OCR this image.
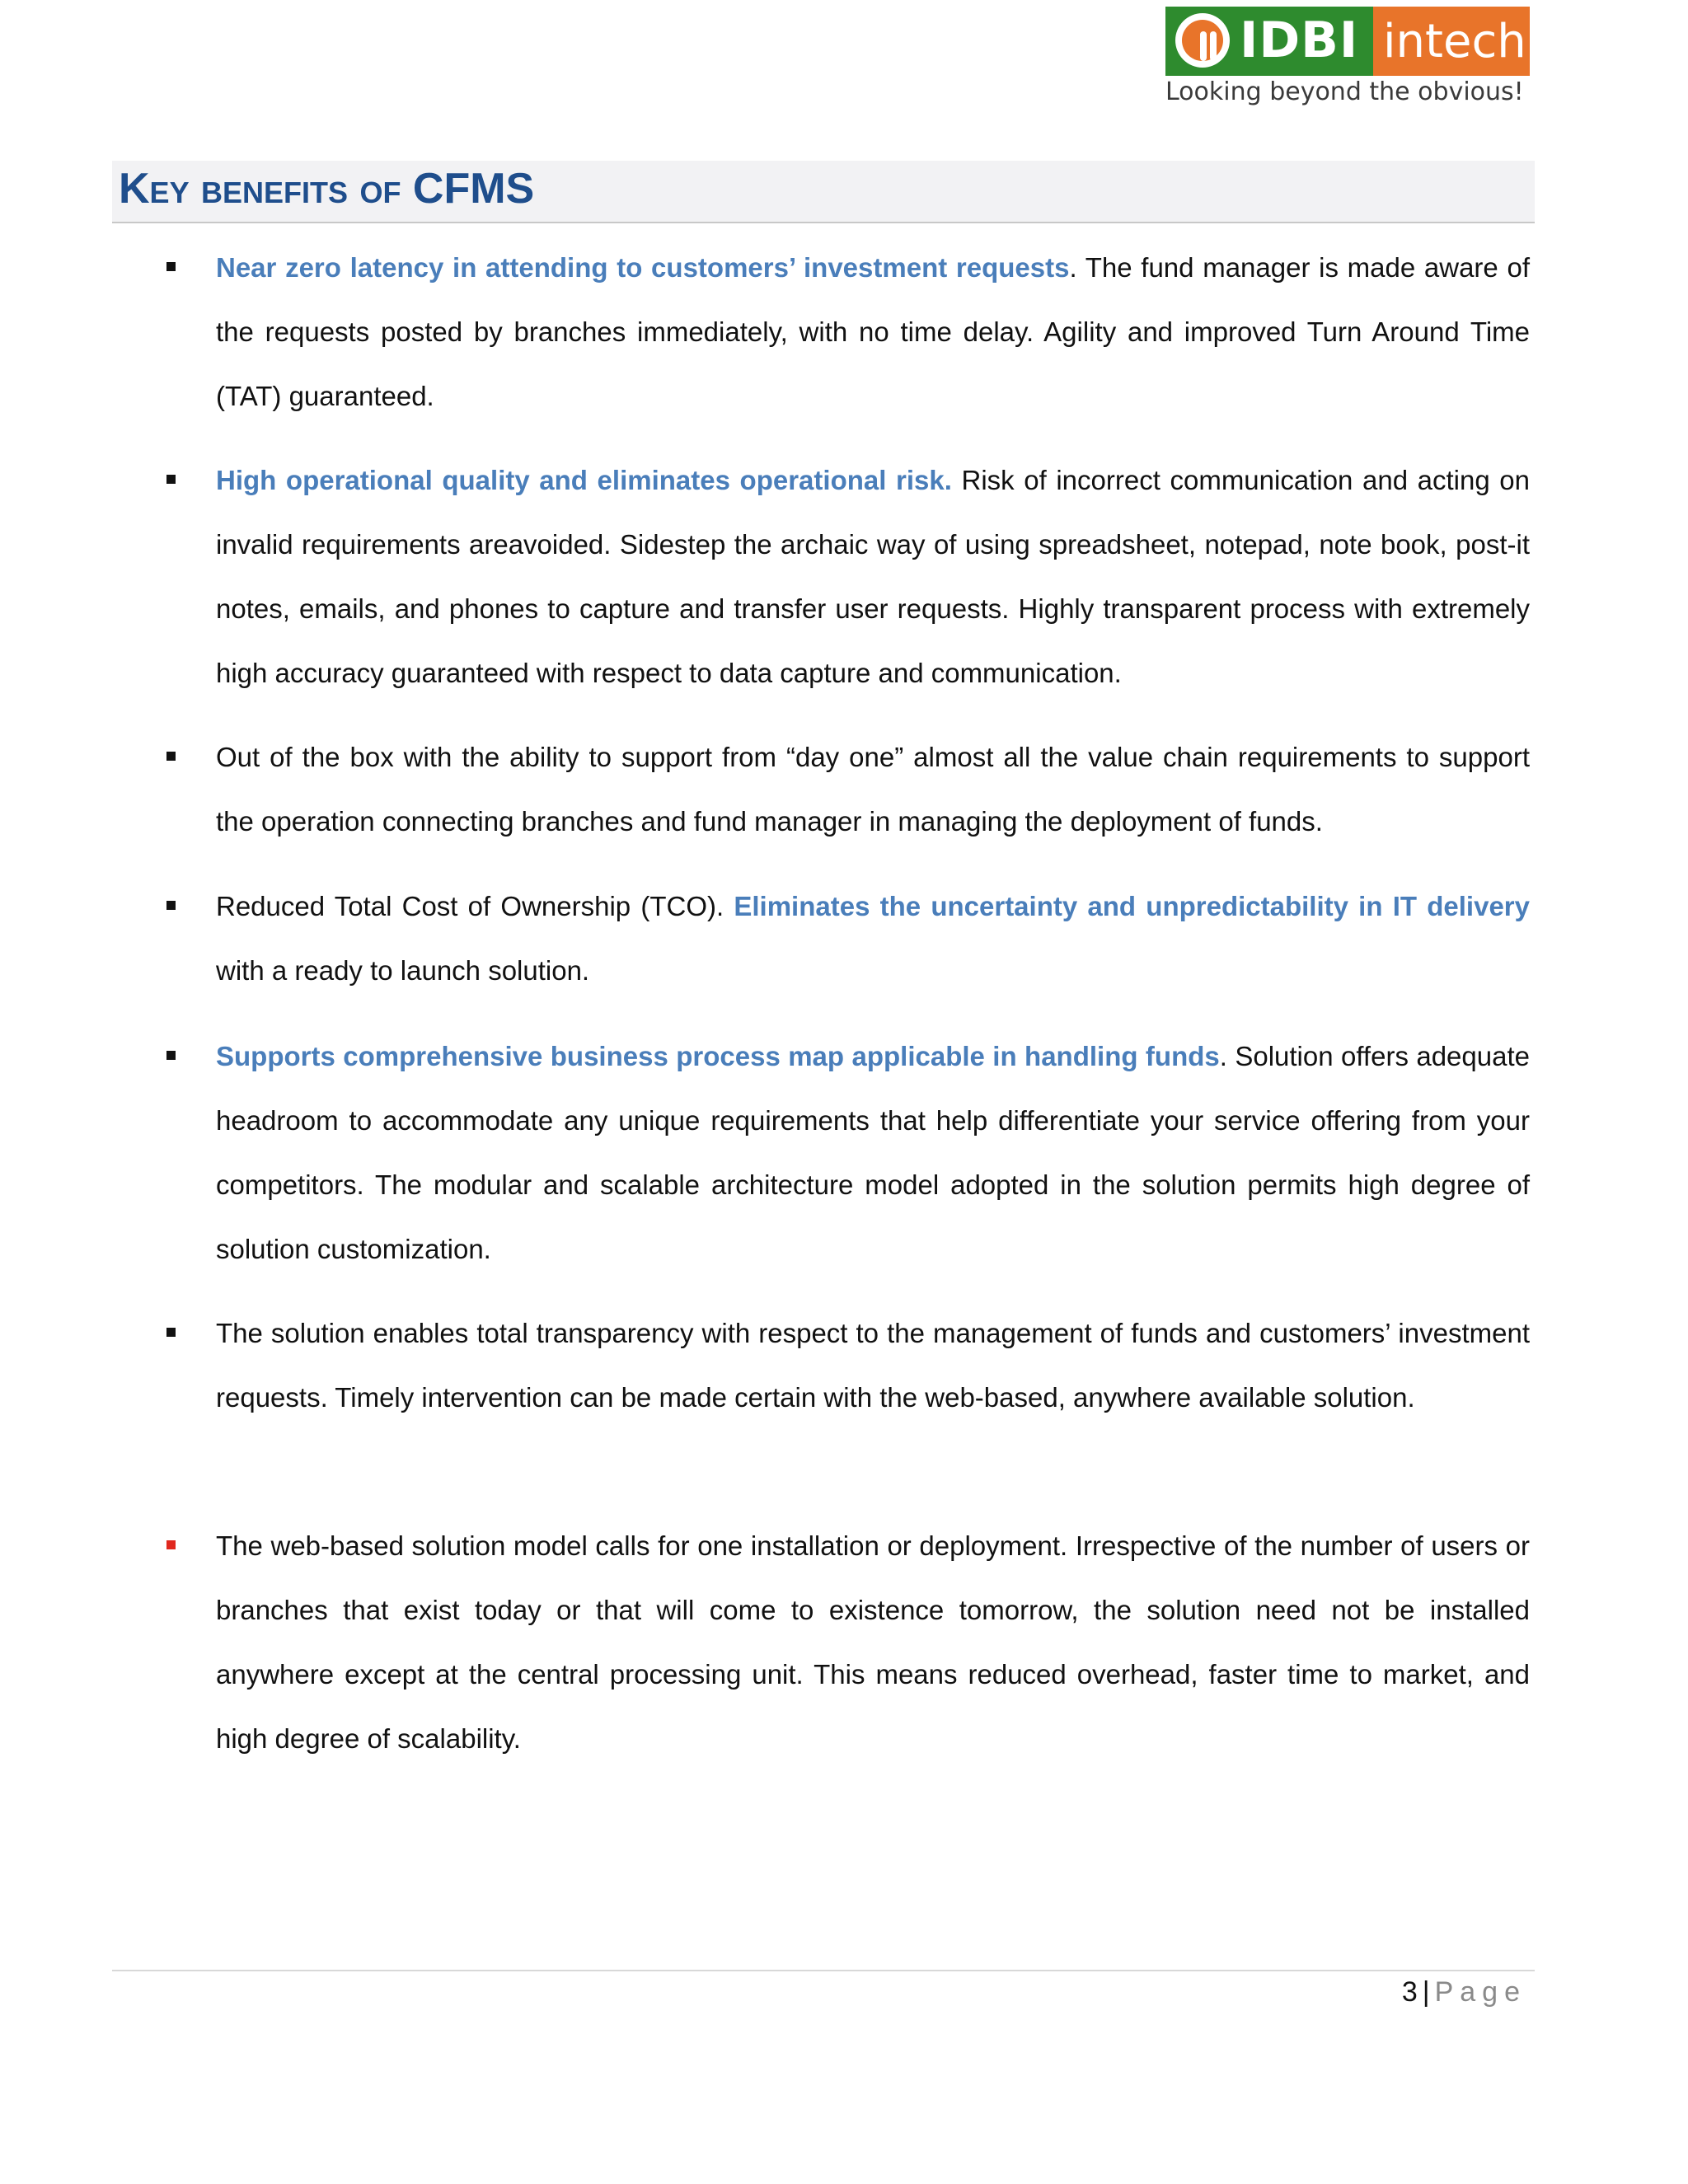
IDBI intech
Looking beyond the obvious!
Key benefits of CFMS

Near zero latency in attending to customers’ investment requests. The fund manager is made aware of the requests posted by branches immediately, with no time delay. Agility and improved Turn Around Time (TAT) guaranteed.

High operational quality and eliminates operational risk. Risk of incorrect communication and acting on invalid requirements areavoided. Sidestep the archaic way of using spreadsheet, notepad, note book, post-it notes, emails, and phones to capture and transfer user requests. Highly transparent process with extremely high accuracy guaranteed with respect to data capture and communication.

Out of the box with the ability to support from “day one” almost all the value chain requirements to support the operation connecting branches and fund manager in managing the deployment of funds.

Reduced Total Cost of Ownership (TCO). Eliminates the uncertainty and unpredictability in IT delivery with a ready to launch solution.

Supports comprehensive business process map applicable in handling funds. Solution offers adequate headroom to accommodate any unique requirements that help differentiate your service offering from your competitors. The modular and scalable architecture model adopted in the solution permits high degree of solution customization.

The solution enables total transparency with respect to the management of funds and customers’ investment requests. Timely intervention can be made certain with the web-based, anywhere available solution.

The web-based solution model calls for one installation or deployment. Irrespective of the number of users or branches that exist today or that will come to existence tomorrow, the solution need not be installed anywhere except at the central processing unit. This means reduced overhead, faster time to market, and high degree of scalability.

3 | Page
